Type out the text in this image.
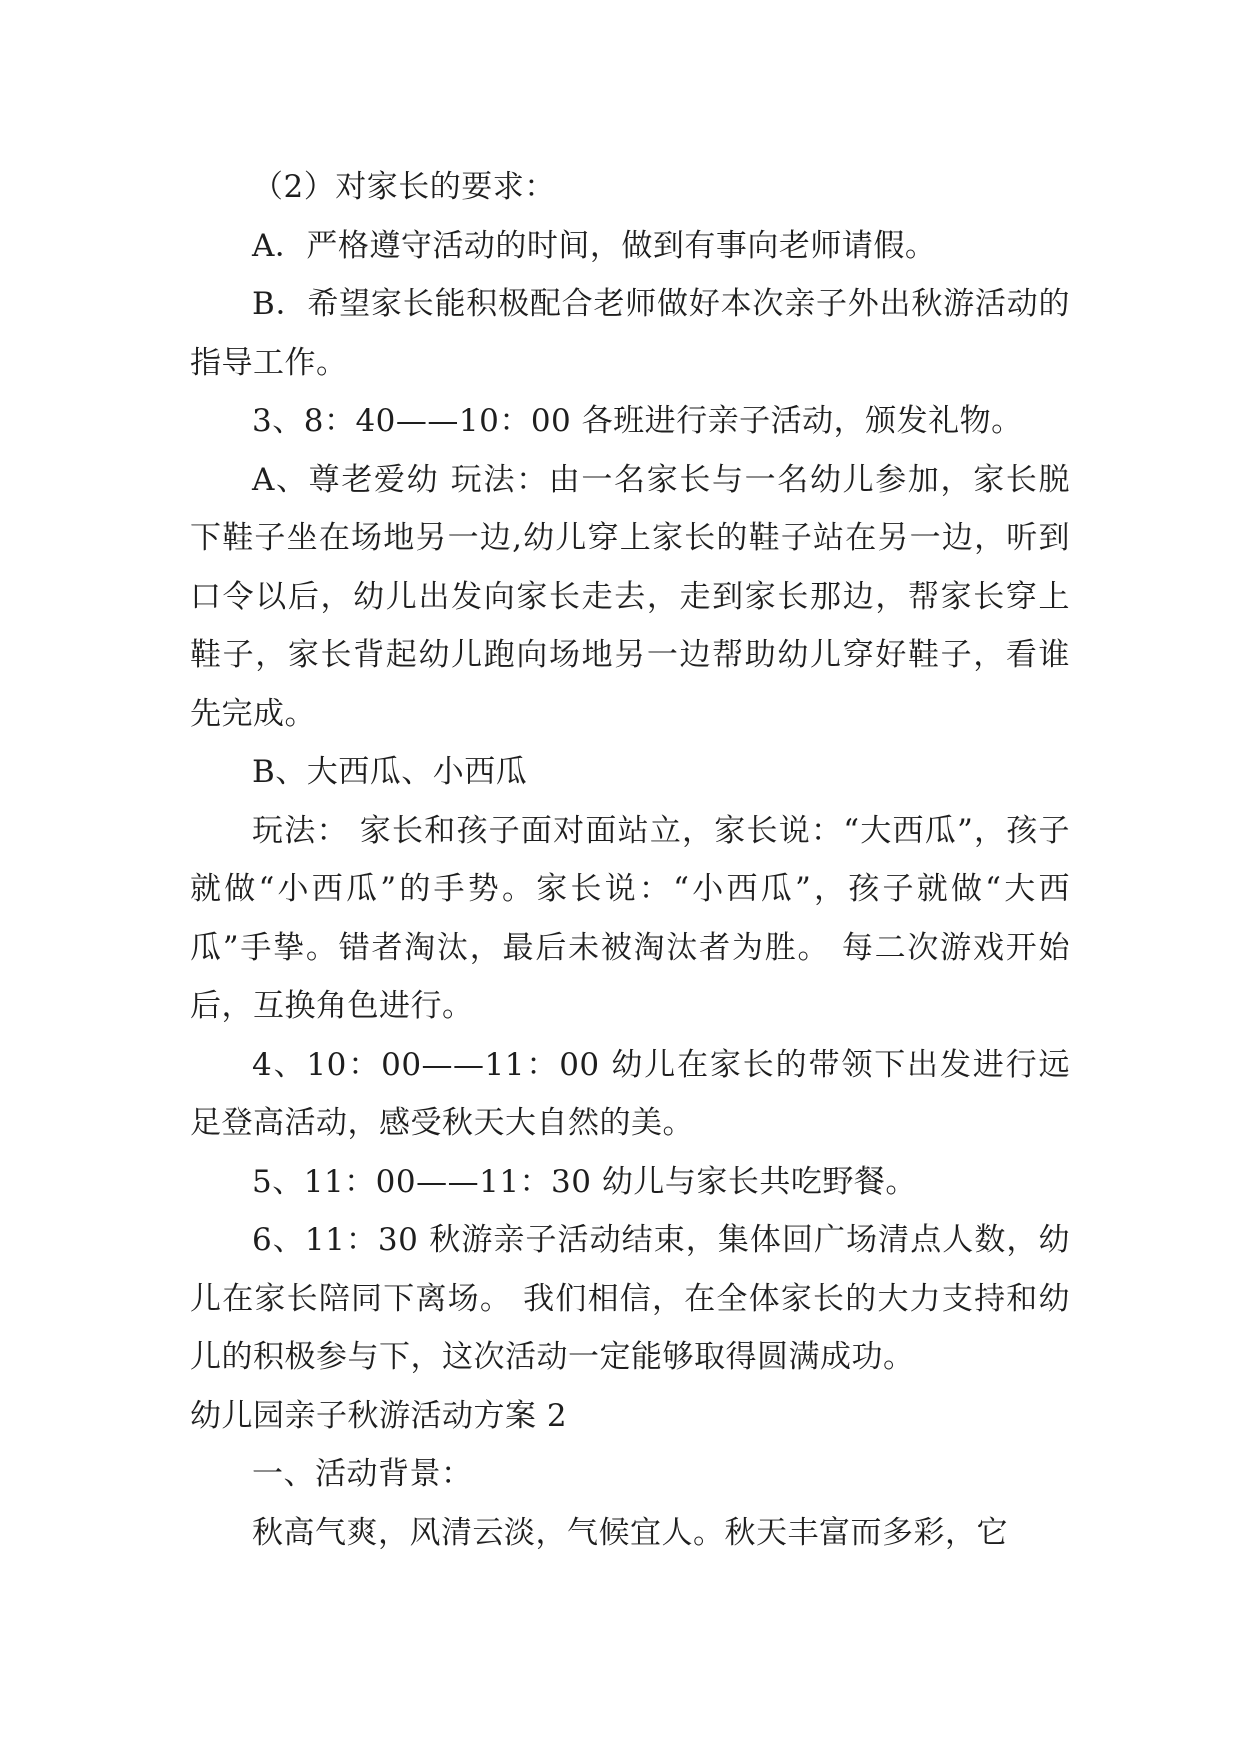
（2）对家长的要求：

A．严格遵守活动的时间，做到有事向老师请假。

B．希望家长能积极配合老师做好本次亲子外出秋游活动的指导工作。

3、8：40——10：00 各班进行亲子活动，颁发礼物。

A、尊老爱幼 玩法：由一名家长与一名幼儿参加，家长脱下鞋子坐在场地另一边,幼儿穿上家长的鞋子站在另一边，听到口令以后，幼儿出发向家长走去，走到家长那边，帮家长穿上鞋子，家长背起幼儿跑向场地另一边帮助幼儿穿好鞋子，看谁先完成。

B、大西瓜、小西瓜

玩法： 家长和孩子面对面站立，家长说：“大西瓜”，孩子就做“小西瓜”的手势。家长说：“小西瓜”，孩子就做“大西瓜”手挚。错者淘汰，最后未被淘汰者为胜。 每二次游戏开始后，互换角色进行。

4、10：00——11：00 幼儿在家长的带领下出发进行远足登高活动，感受秋天大自然的美。

5、11：00——11：30 幼儿与家长共吃野餐。

6、11：30 秋游亲子活动结束，集体回广场清点人数，幼儿在家长陪同下离场。 我们相信，在全体家长的大力支持和幼儿的积极参与下，这次活动一定能够取得圆满成功。

幼儿园亲子秋游活动方案 2

一、活动背景：

秋高气爽，风清云淡，气候宜人。秋天丰富而多彩，它
